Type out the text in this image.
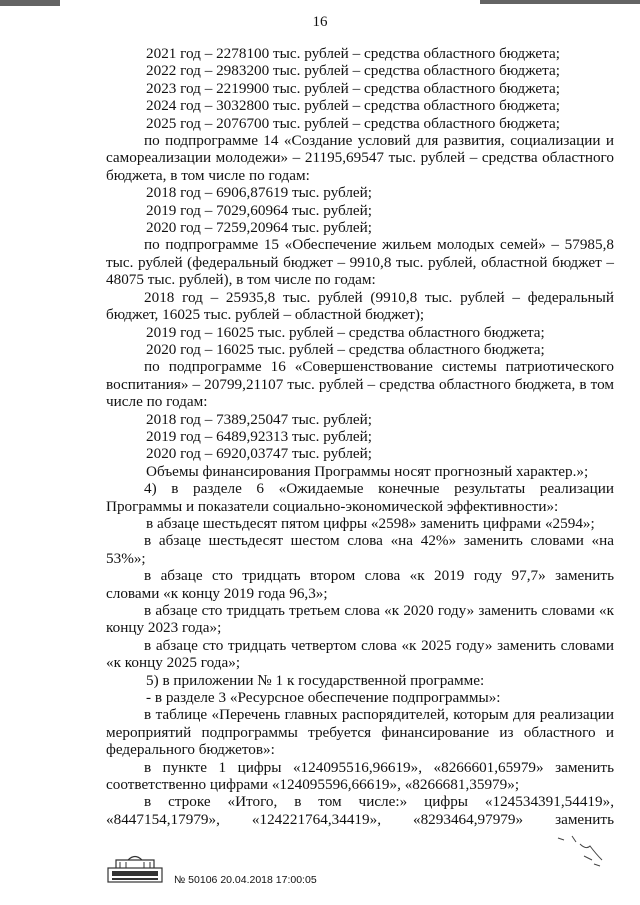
16
2021 год – 2278100 тыс. рублей – средства областного бюджета;
2022 год – 2983200 тыс. рублей – средства областного бюджета;
2023 год – 2219900 тыс. рублей – средства областного бюджета;
2024 год – 3032800 тыс. рублей – средства областного бюджета;
2025 год – 2076700 тыс. рублей – средства областного бюджета;
по подпрограмме 14 «Создание условий для развития, социализации и самореализации молодежи» – 21195,69547 тыс. рублей – средства областного бюджета, в том числе по годам:
2018 год – 6906,87619 тыс. рублей;
2019 год – 7029,60964 тыс. рублей;
2020 год – 7259,20964 тыс. рублей;
по подпрограмме 15 «Обеспечение жильем молодых семей» – 57985,8 тыс. рублей (федеральный бюджет – 9910,8 тыс. рублей, областной бюджет – 48075 тыс. рублей), в том числе по годам:
2018 год – 25935,8 тыс. рублей (9910,8 тыс. рублей – федеральный бюджет, 16025 тыс. рублей – областной бюджет);
2019 год – 16025 тыс. рублей – средства областного бюджета;
2020 год – 16025 тыс. рублей – средства областного бюджета;
по подпрограмме 16 «Совершенствование системы патриотического воспитания» – 20799,21107 тыс. рублей – средства областного бюджета, в том числе по годам:
2018 год – 7389,25047 тыс. рублей;
2019 год – 6489,92313 тыс. рублей;
2020 год – 6920,03747 тыс. рублей;
Объемы финансирования Программы носят прогнозный характер.»;
4) в разделе 6 «Ожидаемые конечные результаты реализации Программы и показатели социально-экономической эффективности»:
в абзаце шестьдесят пятом цифры «2598» заменить цифрами «2594»;
в абзаце шестьдесят шестом слова «на 42%» заменить словами «на 53%»;
в абзаце сто тридцать втором слова «к 2019 году 97,7» заменить словами «к концу 2019 года 96,3»;
в абзаце сто тридцать третьем слова «к 2020 году» заменить словами «к концу 2023 года»;
в абзаце сто тридцать четвертом слова «к 2025 году» заменить словами «к концу 2025 года»;
5) в приложении № 1 к государственной программе:
- в разделе 3 «Ресурсное обеспечение подпрограммы»:
в таблице «Перечень главных распорядителей, которым для реализации мероприятий подпрограммы требуется финансирование из областного и федерального бюджетов»:
в пункте 1 цифры «124095516,96619», «8266601,65979» заменить соответственно цифрами «124095596,66619», «8266681,35979»;
в строке «Итого, в том числе:» цифры «124534391,54419», «8447154,17979», «124221764,34419», «8293464,97979» заменить
№ 50106 20.04.2018 17:00:05
